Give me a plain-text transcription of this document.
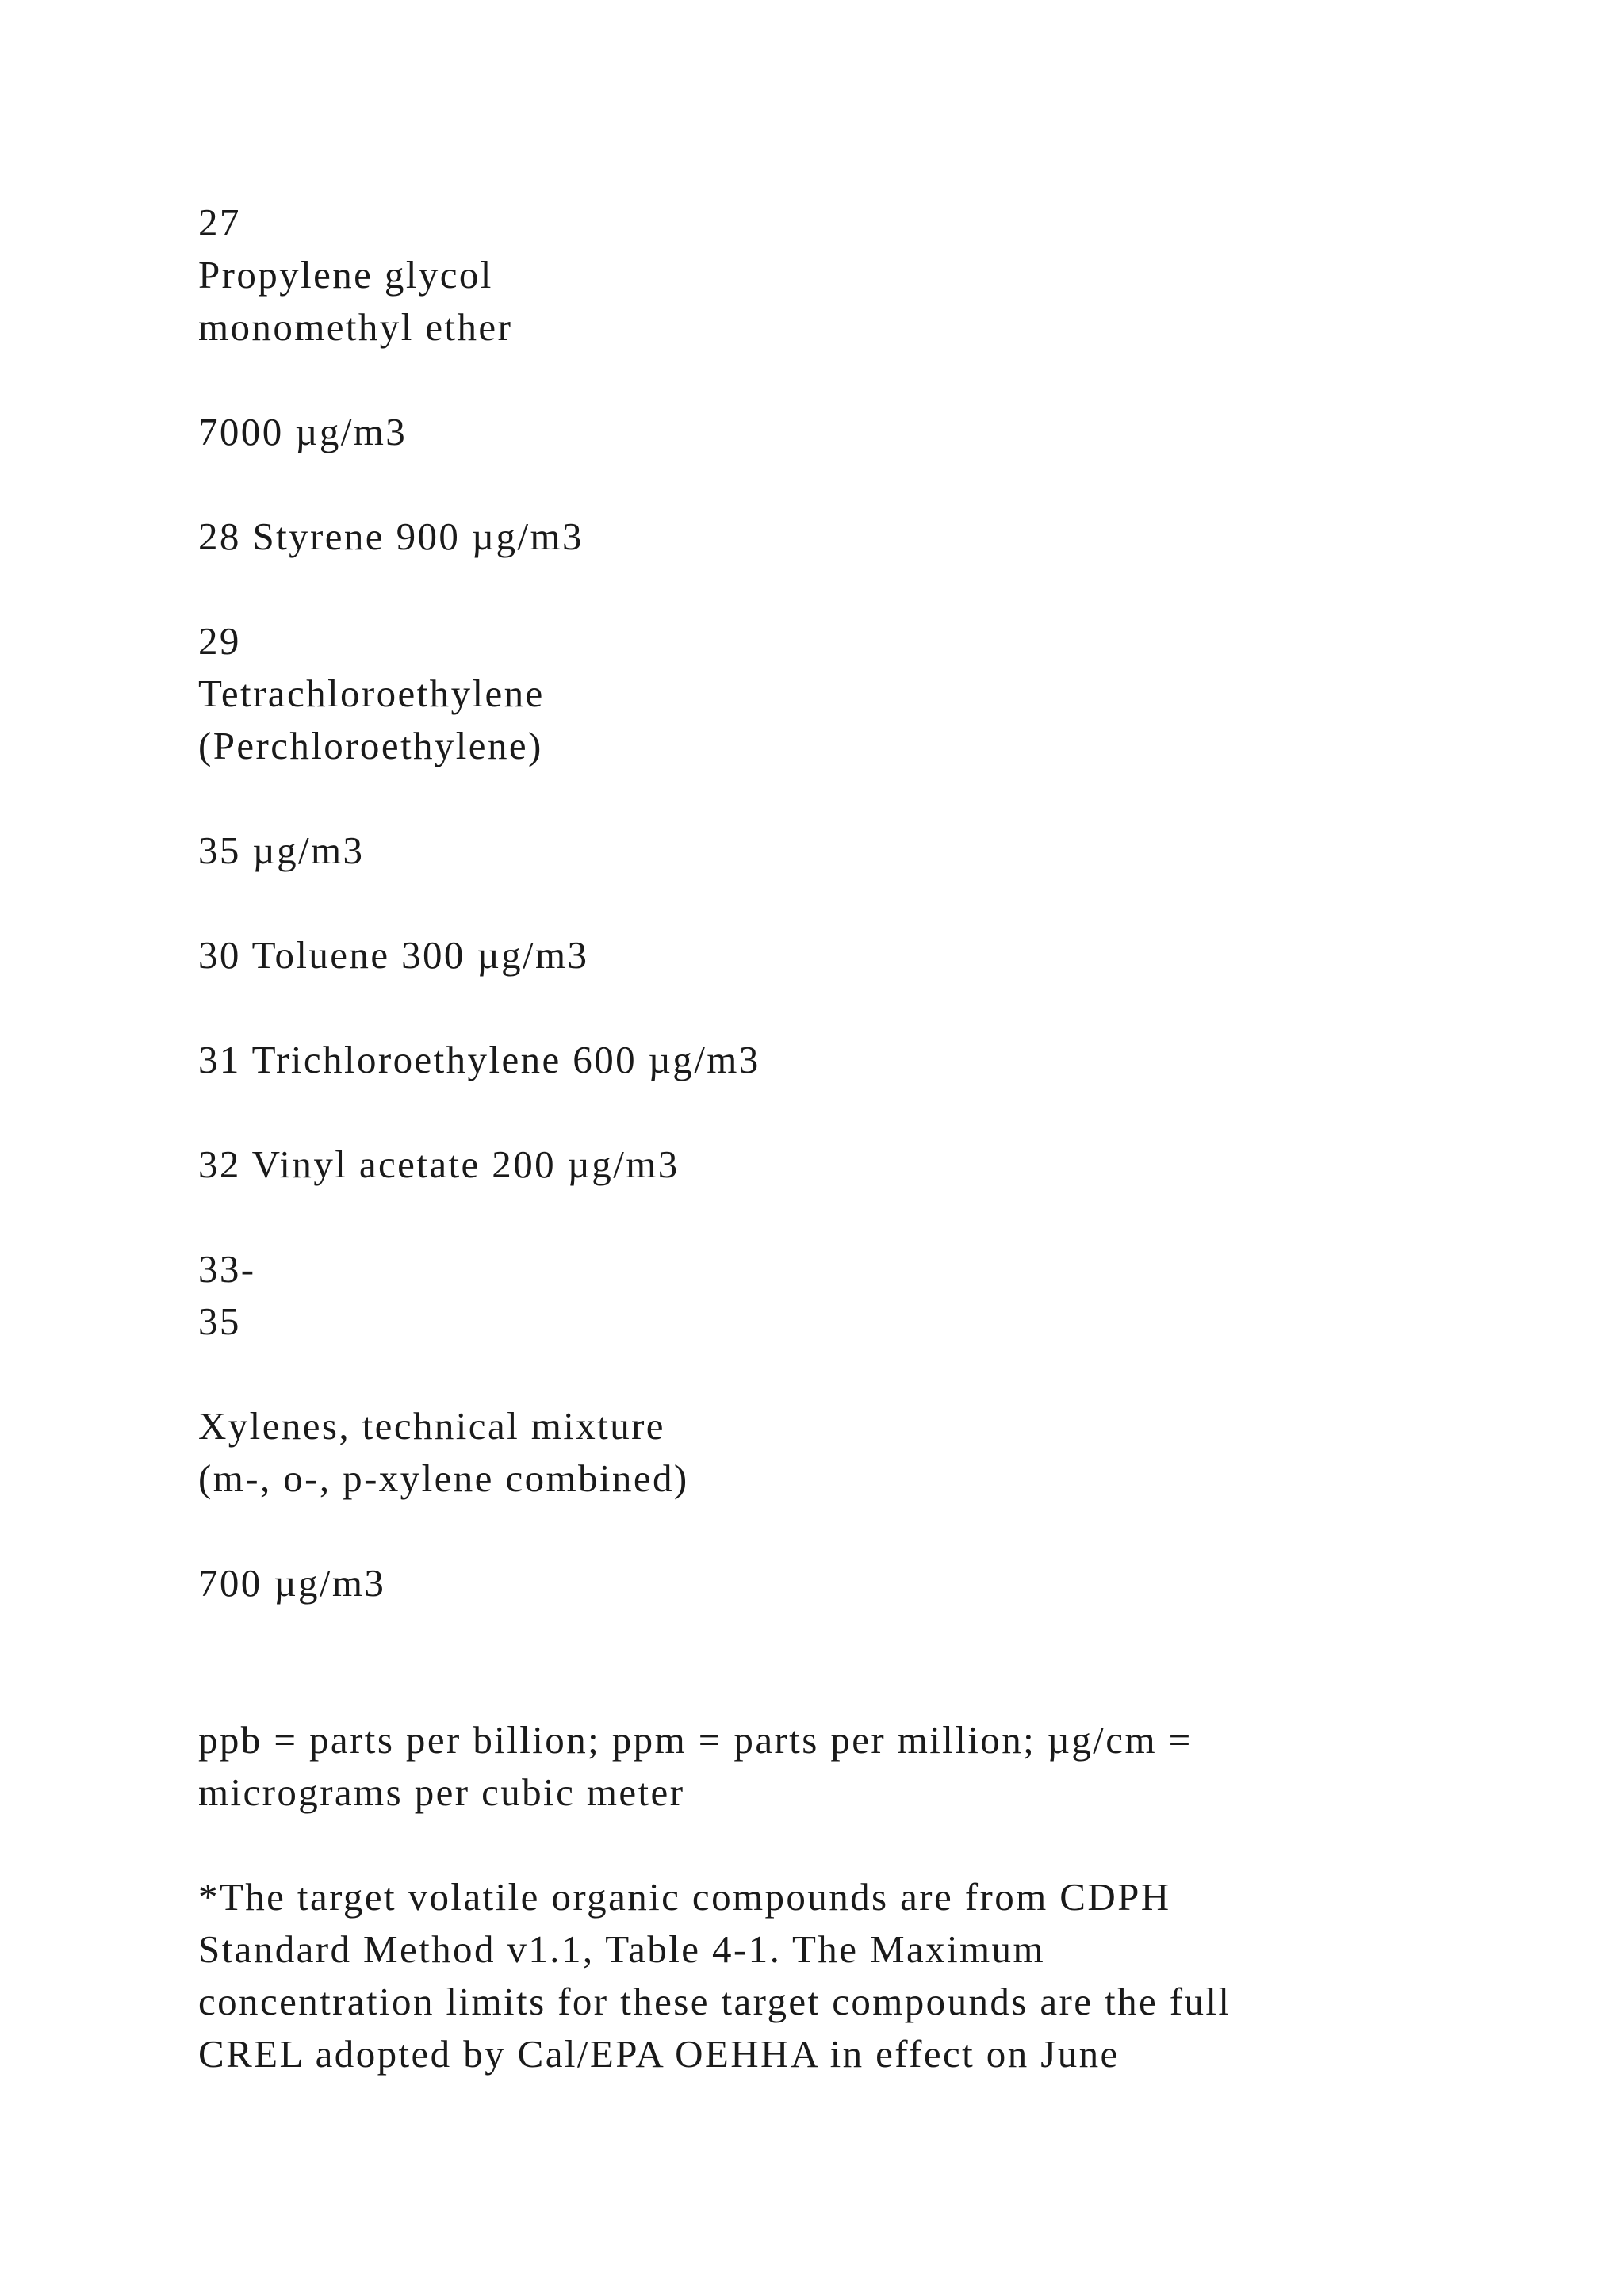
27
Propylene glycol
monomethyl ether
7000 µg/m3
28 Styrene 900 µg/m3
29
Tetrachloroethylene
(Perchloroethylene)
35 µg/m3
30 Toluene 300 µg/m3
31 Trichloroethylene 600 µg/m3
32 Vinyl acetate 200 µg/m3
33-
35
Xylenes, technical mixture
(m-, o-, p-xylene combined)
700 µg/m3
ppb = parts per billion; ppm = parts per million; µg/cm =
micrograms per cubic meter
*The target volatile organic compounds are from CDPH
Standard Method v1.1, Table 4-1. The Maximum
concentration limits for these target compounds are the full
CREL adopted by Cal/EPA OEHHA in effect on June
